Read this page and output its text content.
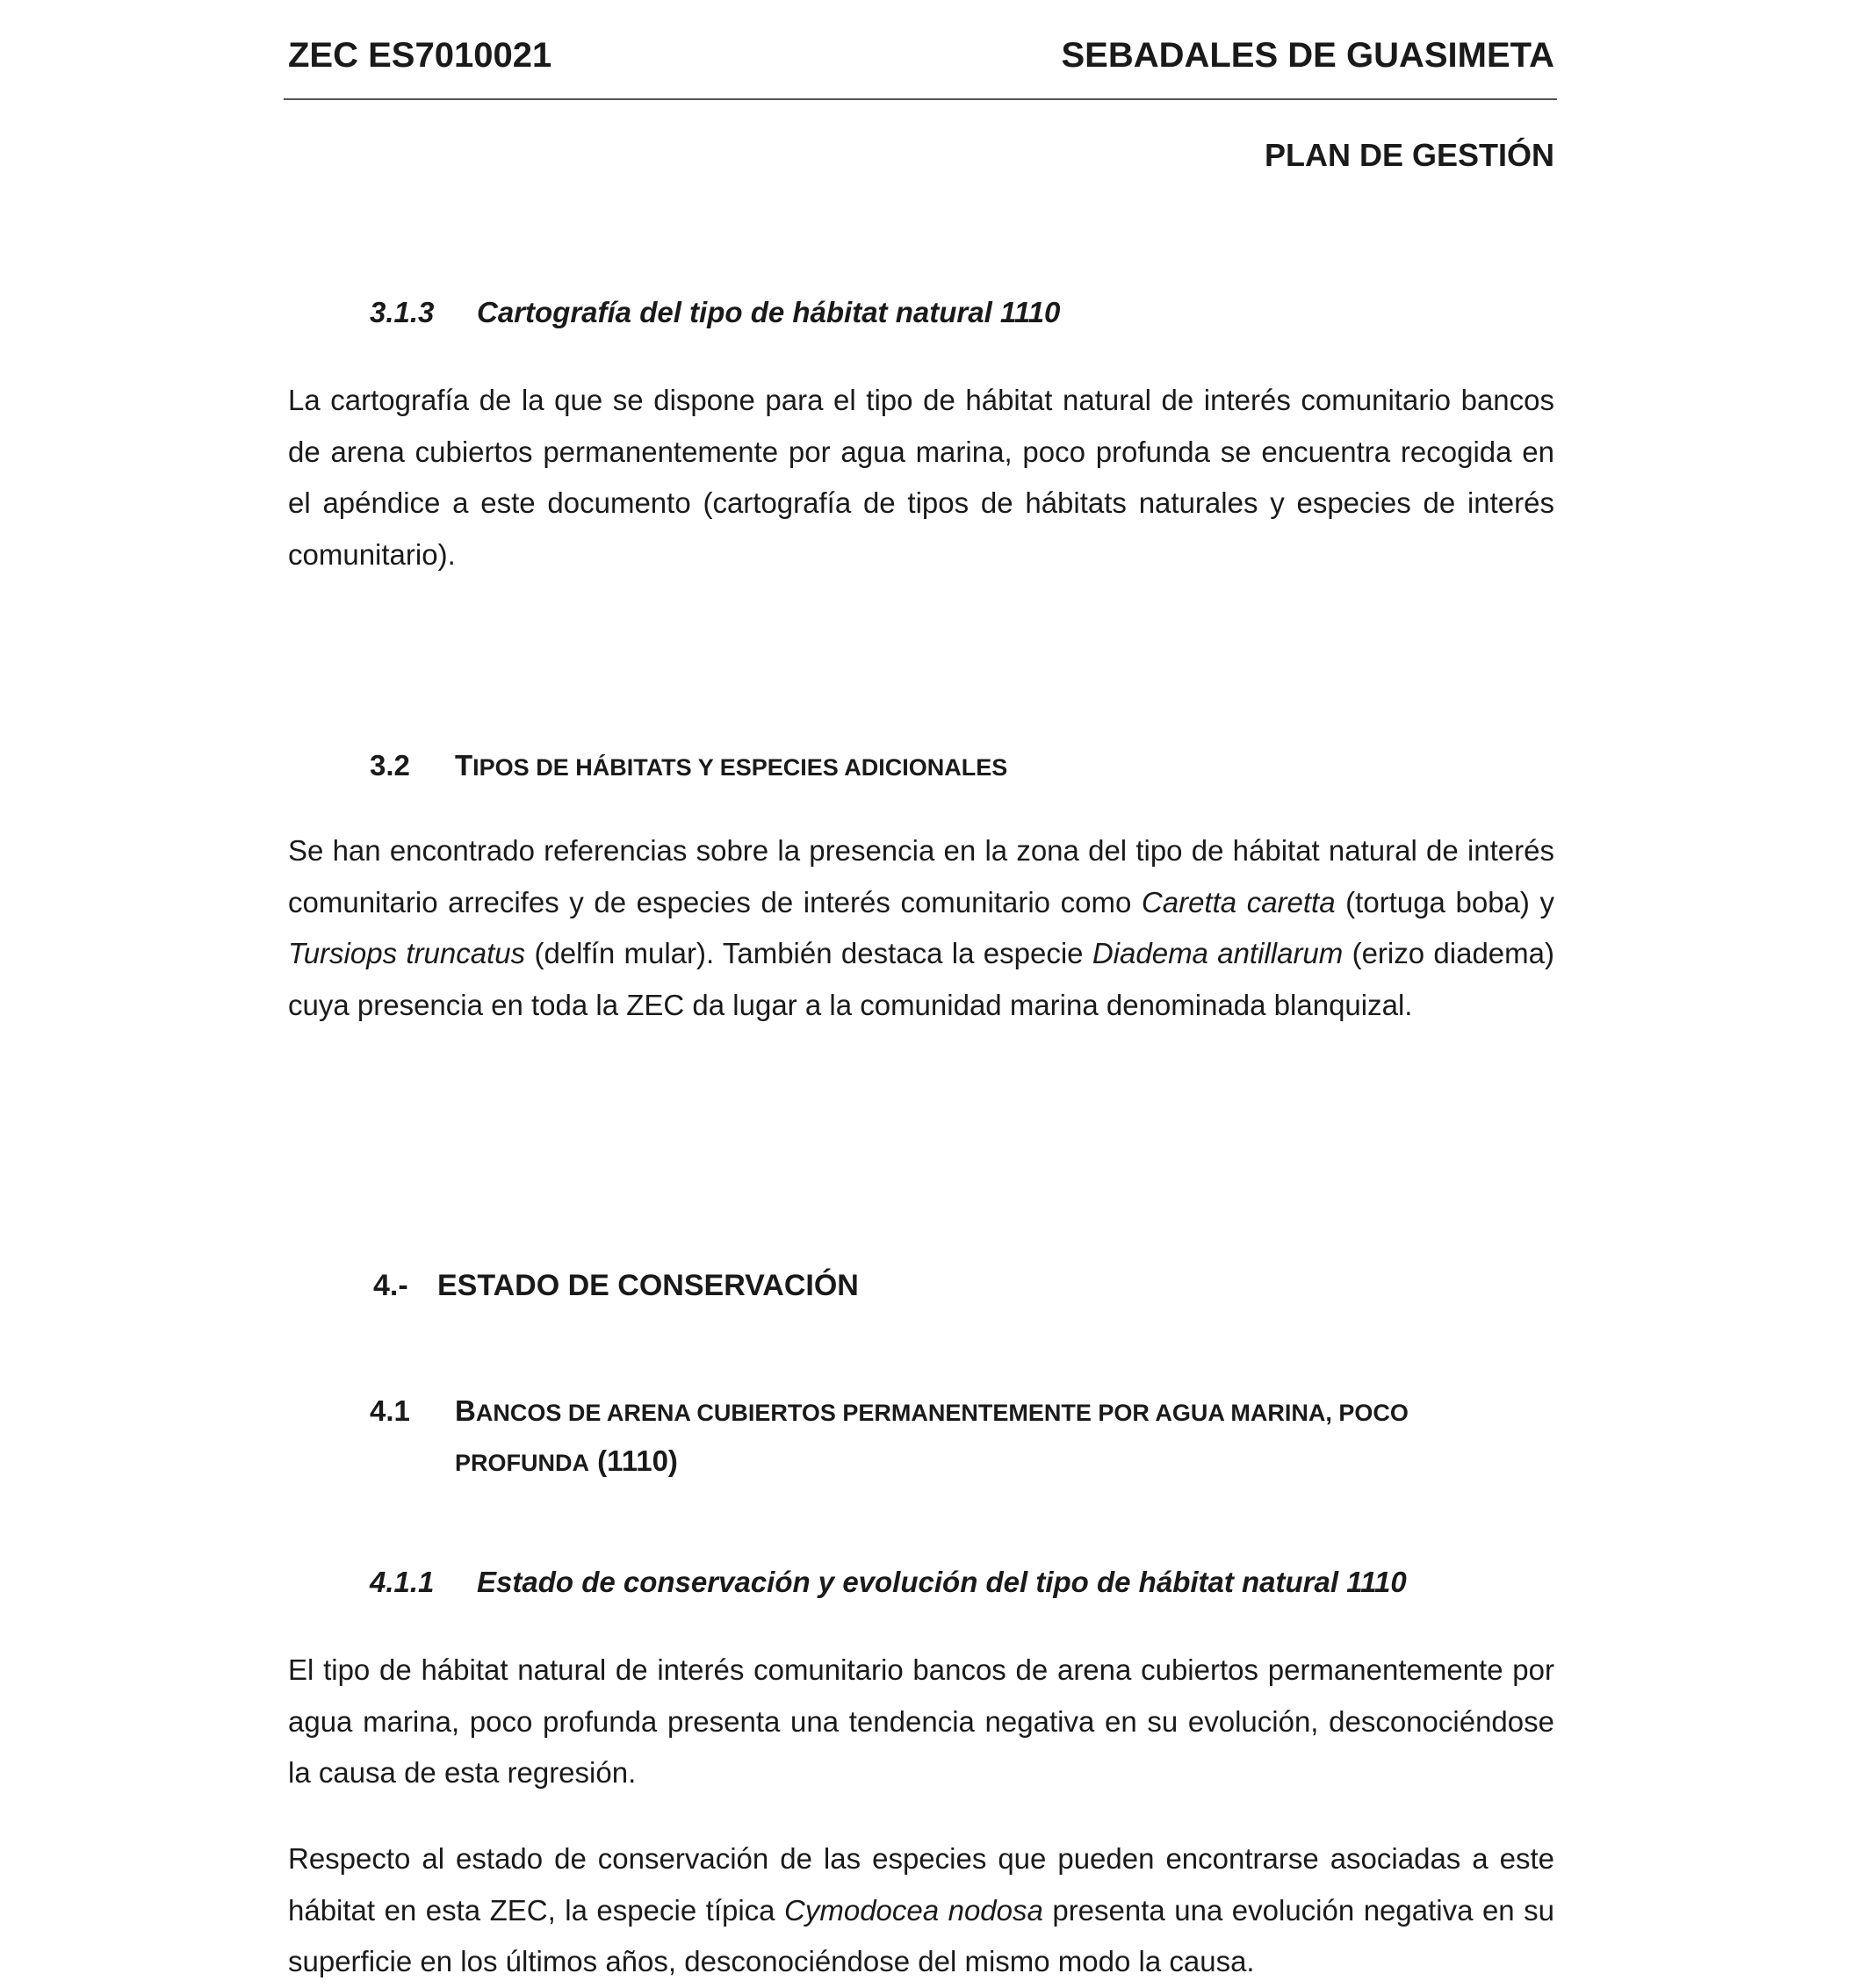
ZEC ES7010021	SEBADALES DE GUASIMETA
PLAN DE GESTIÓN
3.1.3 Cartografía del tipo de hábitat natural 1110
La cartografía de la que se dispone para el tipo de hábitat natural de interés comunitario bancos de arena cubiertos permanentemente por agua marina, poco profunda se encuentra recogida en el apéndice a este documento (cartografía de tipos de hábitats naturales y especies de interés comunitario).
3.2 TIPOS DE HÁBITATS Y ESPECIES ADICIONALES
Se han encontrado referencias sobre la presencia en la zona del tipo de hábitat natural de interés comunitario arrecifes y de especies de interés comunitario como Caretta caretta (tortuga boba) y Tursiops truncatus (delfín mular). También destaca la especie Diadema antillarum (erizo diadema) cuya presencia en toda la ZEC da lugar a la comunidad marina denominada blanquizal.
4.- ESTADO DE CONSERVACIÓN
4.1 BANCOS DE ARENA CUBIERTOS PERMANENTEMENTE POR AGUA MARINA, POCO
PROFUNDA (1110)
4.1.1 Estado de conservación y evolución del tipo de hábitat natural 1110
El tipo de hábitat natural de interés comunitario bancos de arena cubiertos permanentemente por agua marina, poco profunda presenta una tendencia negativa en su evolución, desconociéndose la causa de esta regresión.
Respecto al estado de conservación de las especies que pueden encontrarse asociadas a este hábitat en esta ZEC, la especie típica Cymodocea nodosa presenta una evolución negativa en su superficie en los últimos años, desconociéndose del mismo modo la causa.
